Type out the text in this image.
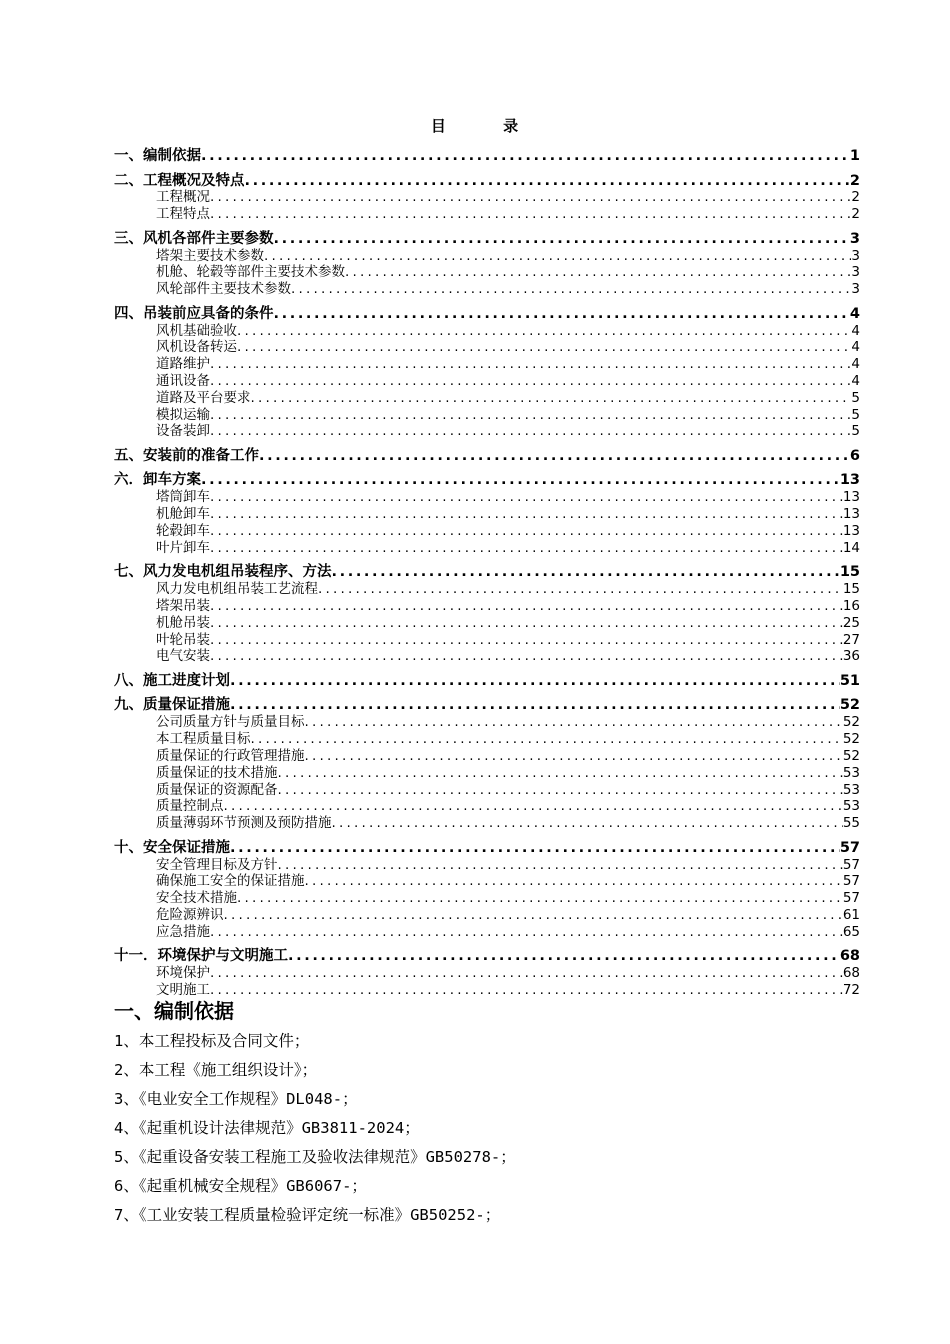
目 录
一、编制依据 .....	1
二、工程概况及特点 .....	2
工程概况 .....	2
工程特点 .....	2
三、风机各部件主要参数 .....	3
塔架主要技术参数 .....	3
机舱、轮毂等部件主要技术参数 .....	3
风轮部件主要技术参数 .....	3
四、吊装前应具备的条件 .....	4
风机基础验收 .....	4
风机设备转运 .....	4
道路维护 .....	4
通讯设备 .....	4
道路及平台要求 .....	5
模拟运输 .....	5
设备装卸 .....	5
五、安装前的准备工作 .....	6
六．卸车方案 .....	13
塔筒卸车 .....	13
机舱卸车 .....	13
轮毂卸车 .....	13
叶片卸车 .....	14
七、风力发电机组吊装程序、方法 .....	15
风力发电机组吊装工艺流程 .....	15
塔架吊装 .....	16
机舱吊装 .....	25
叶轮吊装 .....	27
电气安装 .....	36
八、施工进度计划 .....	51
九、质量保证措施 .....	52
公司质量方针与质量目标 .....	52
本工程质量目标 .....	52
质量保证的行政管理措施 .....	52
质量保证的技术措施 .....	53
质量保证的资源配备 .....	53
质量控制点 .....	53
质量薄弱环节预测及预防措施 .....	55
十、安全保证措施 .....	57
安全管理目标及方针 .....	57
确保施工安全的保证措施 .....	57
安全技术措施 .....	57
危险源辨识 .....	61
应急措施 .....	65
十一．环境保护与文明施工 .....	68
环境保护 .....	68
文明施工 .....	72
一、编制依据
1、本工程投标及合同文件；
2、本工程《施工组织设计》；
3、《电业安全工作规程》DL048-；
4、《起重机设计法律规范》GB3811-2024；
5、《起重设备安装工程施工及验收法律规范》GB50278-；
6、《起重机械安全规程》GB6067-；
7、《工业安装工程质量检验评定统一标准》GB50252-；
